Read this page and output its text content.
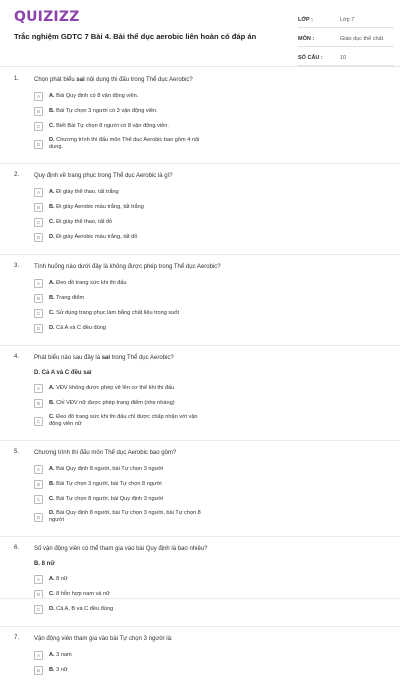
QUIZIZZ
Trắc nghiệm GDTC 7 Bài 4. Bài thể dục aerobic liên hoàn có đáp án
LỚP :	Lớp 7
MÔN :	Giáo dục thể chất
SỐ CÂU :	10
1. Chọn phát biểu sai nội dung thi đấu trong Thể dục Aerobic?
A	A. Bài Quy định có 8 vận động viên.
B	B. Bài Tự chọn 3 người có 3 vận động viên.
C	C. Biết Bài Tự chọn 8 người có 8 vận động viên.
D
D. Chương trình thi đấu môn Thể dục Aerobic bao gồm 4 nội dung.
2. Quy định về trang phục trong Thể dục Aerobic là gì?
A	A. Đi giày thể thao, tất trắng
B	B. Đi giày Aerobic màu trắng, tất trắng
C	C. Đi giày thể thao, tất đỏ
D	D. Đi giày Aerobic màu trắng, tất đỏ
3. Tình huống nào dưới đây là không được phép trong Thể dục Aerobic?
A	A. Đeo đồ trang sức khi thi đấu
B	B. Trang điểm
C	C. Sử dụng trang phục làm bằng chất liệu trong suốt
D	D. Cả A và C đều đúng
4. Phát biểu nào sau đây là sai trong Thể dục Aerobic?
D. Cả A và C đều sai
A	A. VĐV không được phép vẽ lên cơ thể khi thi đấu
B	B. Chỉ VĐV nữ được phép trang điểm (nhẹ nhàng)
C
C. Đeo đồ trang sức khi thi đấu chỉ được chấp nhận với vận động viên nữ
5. Chương trình thi đấu môn Thể dục Aerobic bao gồm?
A	A. Bài Quy định 8 người, bài Tự chọn 3 người
B	B. Bài Tự chọn 3 người, bài Tự chọn 8 người
C	C. Bài Tự chọn 8 người, bài Quy định 3 người
D
D. Bài Quy định 8 người, bài Tự chọn 3 người, bài Tự chọn 8 người
6. Số vận động viên có thể tham gia vào bài Quy định là bao nhiêu?
B. 8 nữ
A	A. 8 nữ
B	C. 8 hỗn hợp nam và nữ
C	D. Cả A, B và C đều đúng
7. Vận động viên tham gia vào bài Tự chọn 3 người là:
A	A. 3 nam
B	B. 3 nữ
